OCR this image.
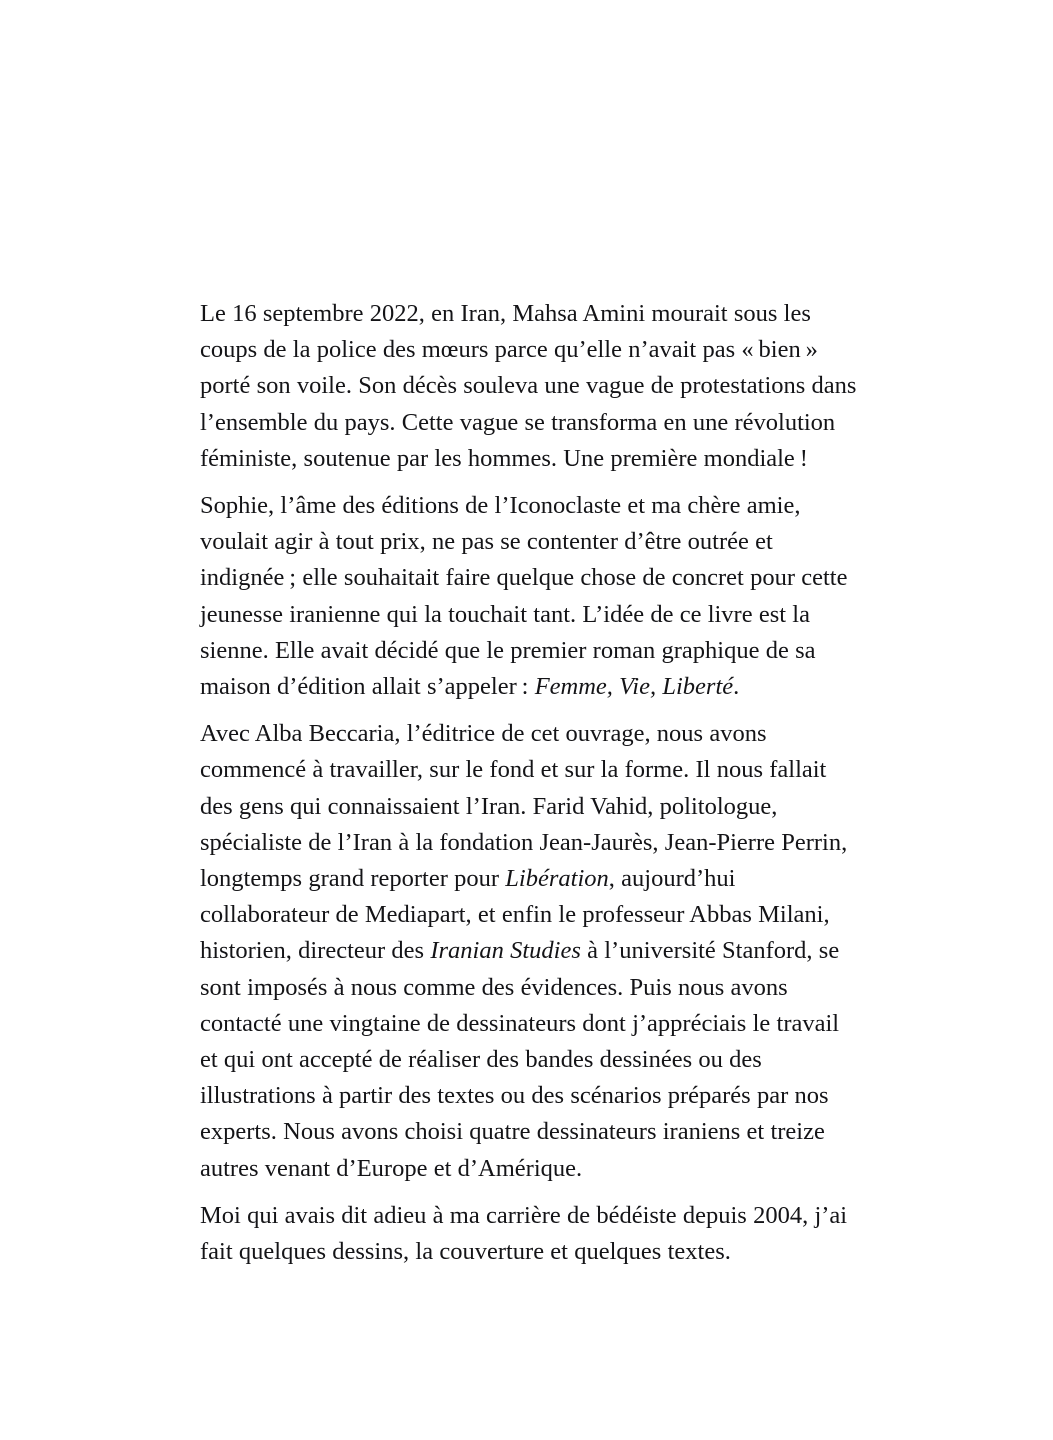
Le 16 septembre 2022, en Iran, Mahsa Amini mourait sous les coups de la police des mœurs parce qu’elle n’avait pas « bien » porté son voile. Son décès souleva une vague de protestations dans l’ensemble du pays. Cette vague se transforma en une révolution féministe, soutenue par les hommes. Une première mondiale !

Sophie, l’âme des éditions de l’Iconoclaste et ma chère amie, voulait agir à tout prix, ne pas se contenter d’être outrée et indignée ; elle souhaitait faire quelque chose de concret pour cette jeunesse iranienne qui la touchait tant. L’idée de ce livre est la sienne. Elle avait décidé que le premier roman graphique de sa maison d’édition allait s’appeler : Femme, Vie, Liberté.

Avec Alba Beccaria, l’éditrice de cet ouvrage, nous avons commencé à travailler, sur le fond et sur la forme. Il nous fallait des gens qui connaissaient l’Iran. Farid Vahid, politologue, spécialiste de l’Iran à la fondation Jean-Jaurès, Jean-Pierre Perrin, longtemps grand reporter pour Libération, aujourd’hui collaborateur de Mediapart, et enfin le professeur Abbas Milani, historien, directeur des Iranian Studies à l’université Stanford, se sont imposés à nous comme des évidences. Puis nous avons contacté une vingtaine de dessinateurs dont j’appréciais le travail et qui ont accepté de réaliser des bandes dessinées ou des illustrations à partir des textes ou des scénarios préparés par nos experts. Nous avons choisi quatre dessinateurs iraniens et treize autres venant d’Europe et d’Amérique.

Moi qui avais dit adieu à ma carrière de bédéiste depuis 2004, j’ai fait quelques dessins, la couverture et quelques textes.
